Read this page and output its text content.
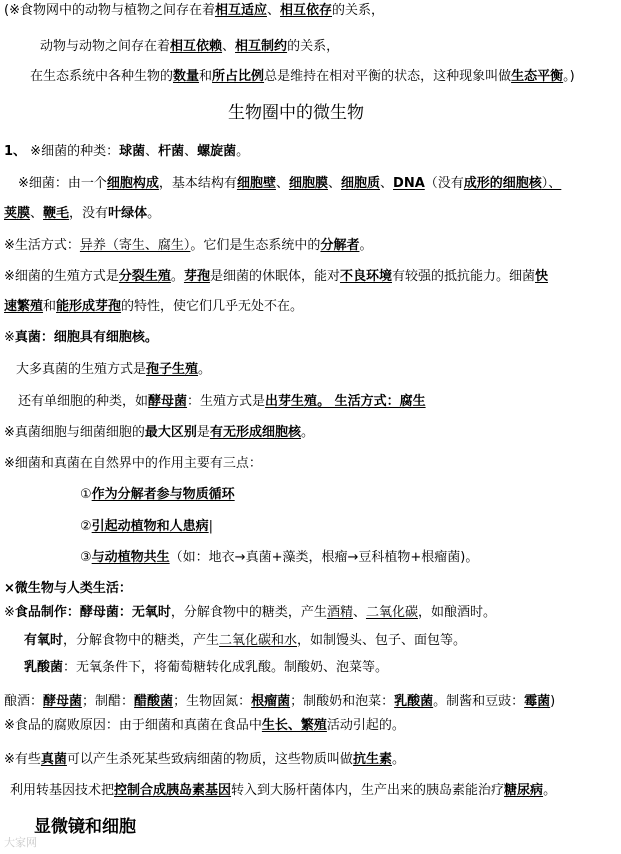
(※食物网中的动物与植物之间存在着相互适应、相互依存的关系，
动物与动物之间存在着相互依赖、相互制约的关系，
在生态系统中各种生物的数量和所占比例总是维持在相对平衡的状态，这种现象叫做生态平衡。)
生物圈中的微生物
1、 ※细菌的种类：球菌、杆菌、螺旋菌。
※细菌：由一个细胞构成，基本结构有细胞壁、细胞膜、细胞质、DNA（没有成形的细胞核）、
荚膜、鞭毛，没有叶绿体。
※生活方式：异养（寄生、腐生）。它们是生态系统中的分解者。
※细菌的生殖方式是分裂生殖。芽孢是细菌的休眠体，能对不良环境有较强的抵抗能力。细菌快
速繁殖和能形成芽孢的特性，使它们几乎无处不在。
※真菌：细胞具有细胞核。
大多真菌的生殖方式是孢子生殖。
还有单细胞的种类，如酵母菌：生殖方式是出芽生殖。 生活方式：腐生
※真菌细胞与细菌细胞的最大区别是有无形成细胞核。
※细菌和真菌在自然界中的作用主要有三点：
①作为分解者参与物质循环
②引起动植物和人患病|
③与动植物共生（如：地衣→真菌+藻类，根瘤→豆科植物+根瘤菌)。
×微生物与人类生活：
※食品制作：酵母菌：无氧时，分解食物中的糖类，产生酒精、二氧化碳，如酿酒时。
有氧时，分解食物中的糖类，产生二氧化碳和水，如制馒头、包子、面包等。
乳酸菌：无氧条件下，将葡萄糖转化成乳酸。制酸奶、泡菜等。
酿酒：酵母菌；制醋：醋酸菌；生物固氮：根瘤菌；制酸奶和泡菜：乳酸菌。制酱和豆豉：霉菌)
※食品的腐败原因：由于细菌和真菌在食品中生长、繁殖活动引起的。
※有些真菌可以产生杀死某些致病细菌的物质，这些物质叫做抗生素。
利用转基因技术把控制合成胰岛素基因转入到大肠杆菌体内，生产出来的胰岛素能治疗糖尿病。
显微镜和细胞
大家网
